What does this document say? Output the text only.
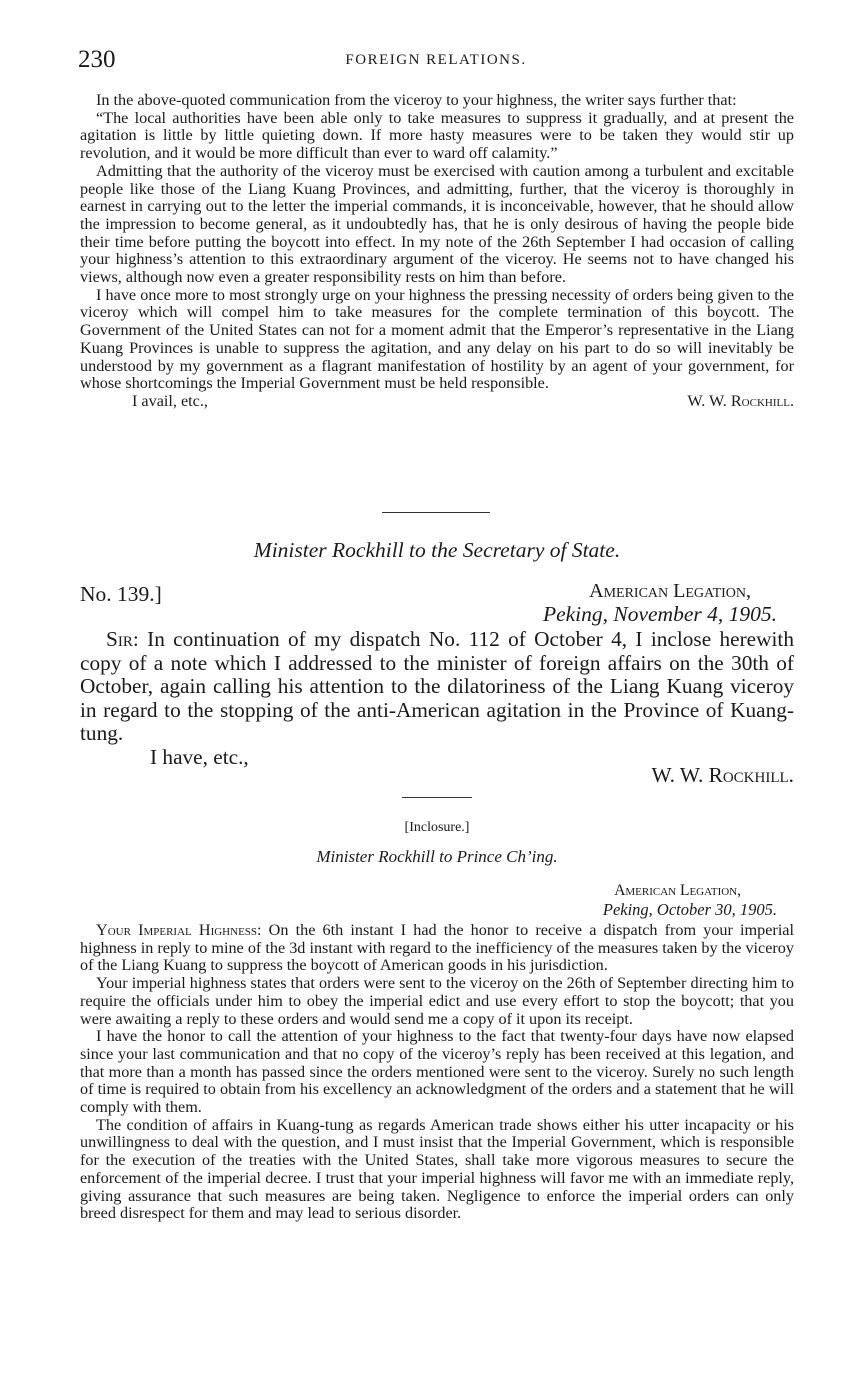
230	FOREIGN RELATIONS.

In the above-quoted communication from the viceroy to your highness, the writer says further that:

“The local authorities have been able only to take measures to suppress it gradually, and at present the agitation is little by little quieting down. If more hasty measures were to be taken they would stir up revolution, and it would be more difficult than ever to ward off calamity.”

Admitting that the authority of the viceroy must be exercised with caution among a turbulent and excitable people like those of the Liang Kuang Provinces, and admitting, further, that the viceroy is thoroughly in earnest in carrying out to the letter the imperial commands, it is inconceivable, however, that he should allow the impression to become general, as it undoubtedly has, that he is only desirous of having the people bide their time before putting the boycott into effect. In my note of the 26th September I had occasion of calling your highness’s attention to this extraordinary argument of the viceroy. He seems not to have changed his views, although now even a greater responsibility rests on him than before.

I have once more to most strongly urge on your highness the pressing necessity of orders being given to the viceroy which will compel him to take measures for the complete termination of this boycott. The Government of the United States can not for a moment admit that the Emperor’s representative in the Liang Kuang Provinces is unable to suppress the agitation, and any delay on his part to do so will inevitably be understood by my government as a flagrant manifestation of hostility by an agent of your government, for whose shortcomings the Imperial Government must be held responsible.

I avail, etc.,	W. W. Rockhill.
Minister Rockhill to the Secretary of State.
No. 139.]	American Legation,
Peking, November 4, 1905.

Sir: In continuation of my dispatch No. 112 of October 4, I inclose herewith copy of a note which I addressed to the minister of foreign affairs on the 30th of October, again calling his attention to the dilatoriness of the Liang Kuang viceroy in regard to the stopping of the anti-American agitation in the Province of Kuang-tung.

I have, etc.,
W. W. Rockhill.
[Inclosure.]
Minister Rockhill to Prince Ch’ing.
American Legation,
Peking, October 30, 1905.

Your Imperial Highness: On the 6th instant I had the honor to receive a dispatch from your imperial highness in reply to mine of the 3d instant with regard to the inefficiency of the measures taken by the viceroy of the Liang Kuang to suppress the boycott of American goods in his jurisdiction.

Your imperial highness states that orders were sent to the viceroy on the 26th of September directing him to require the officials under him to obey the imperial edict and use every effort to stop the boycott; that you were awaiting a reply to these orders and would send me a copy of it upon its receipt.

I have the honor to call the attention of your highness to the fact that twenty-four days have now elapsed since your last communication and that no copy of the viceroy’s reply has been received at this legation, and that more than a month has passed since the orders mentioned were sent to the viceroy. Surely no such length of time is required to obtain from his excellency an acknowledgment of the orders and a statement that he will comply with them.

The condition of affairs in Kuang-tung as regards American trade shows either his utter incapacity or his unwillingness to deal with the question, and I must insist that the Imperial Government, which is responsible for the execution of the treaties with the United States, shall take more vigorous measures to secure the enforcement of the imperial decree. I trust that your imperial highness will favor me with an immediate reply, giving assurance that such measures are being taken. Negligence to enforce the imperial orders can only breed disrespect for them and may lead to serious disorder.
